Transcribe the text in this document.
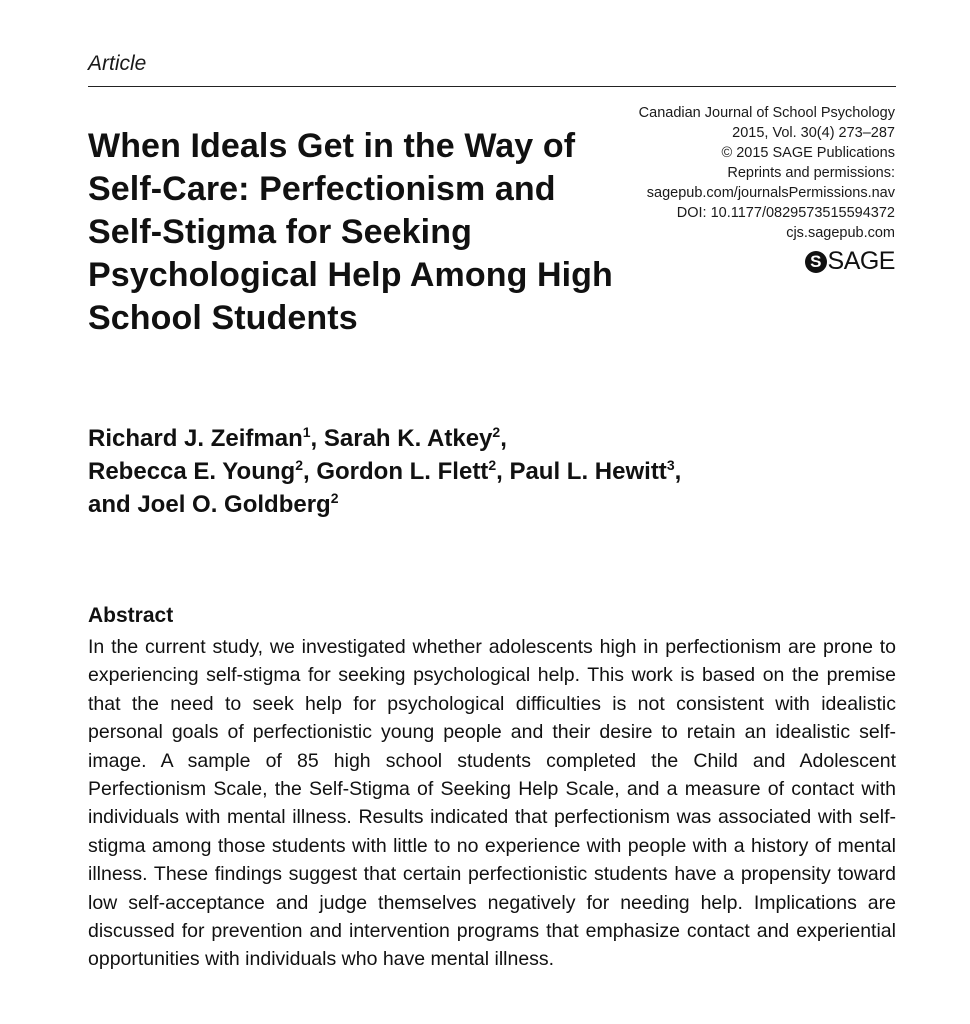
Article
When Ideals Get in the Way of Self-Care: Perfectionism and Self-Stigma for Seeking Psychological Help Among High School Students
Canadian Journal of School Psychology
2015, Vol. 30(4) 273–287
© 2015 SAGE Publications
Reprints and permissions:
sagepub.com/journalsPermissions.nav
DOI: 10.1177/0829573515594372
cjs.sagepub.com
S SAGE
Richard J. Zeifman$^1$, Sarah K. Atkey$^2$,
Rebecca E. Young$^2$, Gordon L. Flett$^2$, Paul L. Hewitt$^3$,
and Joel O. Goldberg$^2$
Abstract

In the current study, we investigated whether adolescents high in perfectionism are prone to experiencing self-stigma for seeking psychological help. This work is based on the premise that the need to seek help for psychological difficulties is not consistent with idealistic personal goals of perfectionistic young people and their desire to retain an idealistic self-image. A sample of 85 high school students completed the Child and Adolescent Perfectionism Scale, the Self-Stigma of Seeking Help Scale, and a measure of contact with individuals with mental illness. Results indicated that perfectionism was associated with self-stigma among those students with little to no experience with people with a history of mental illness. These findings suggest that certain perfectionistic students have a propensity toward low self-acceptance and judge themselves negatively for needing help. Implications are discussed for prevention and intervention programs that emphasize contact and experiential opportunities with individuals who have mental illness.
